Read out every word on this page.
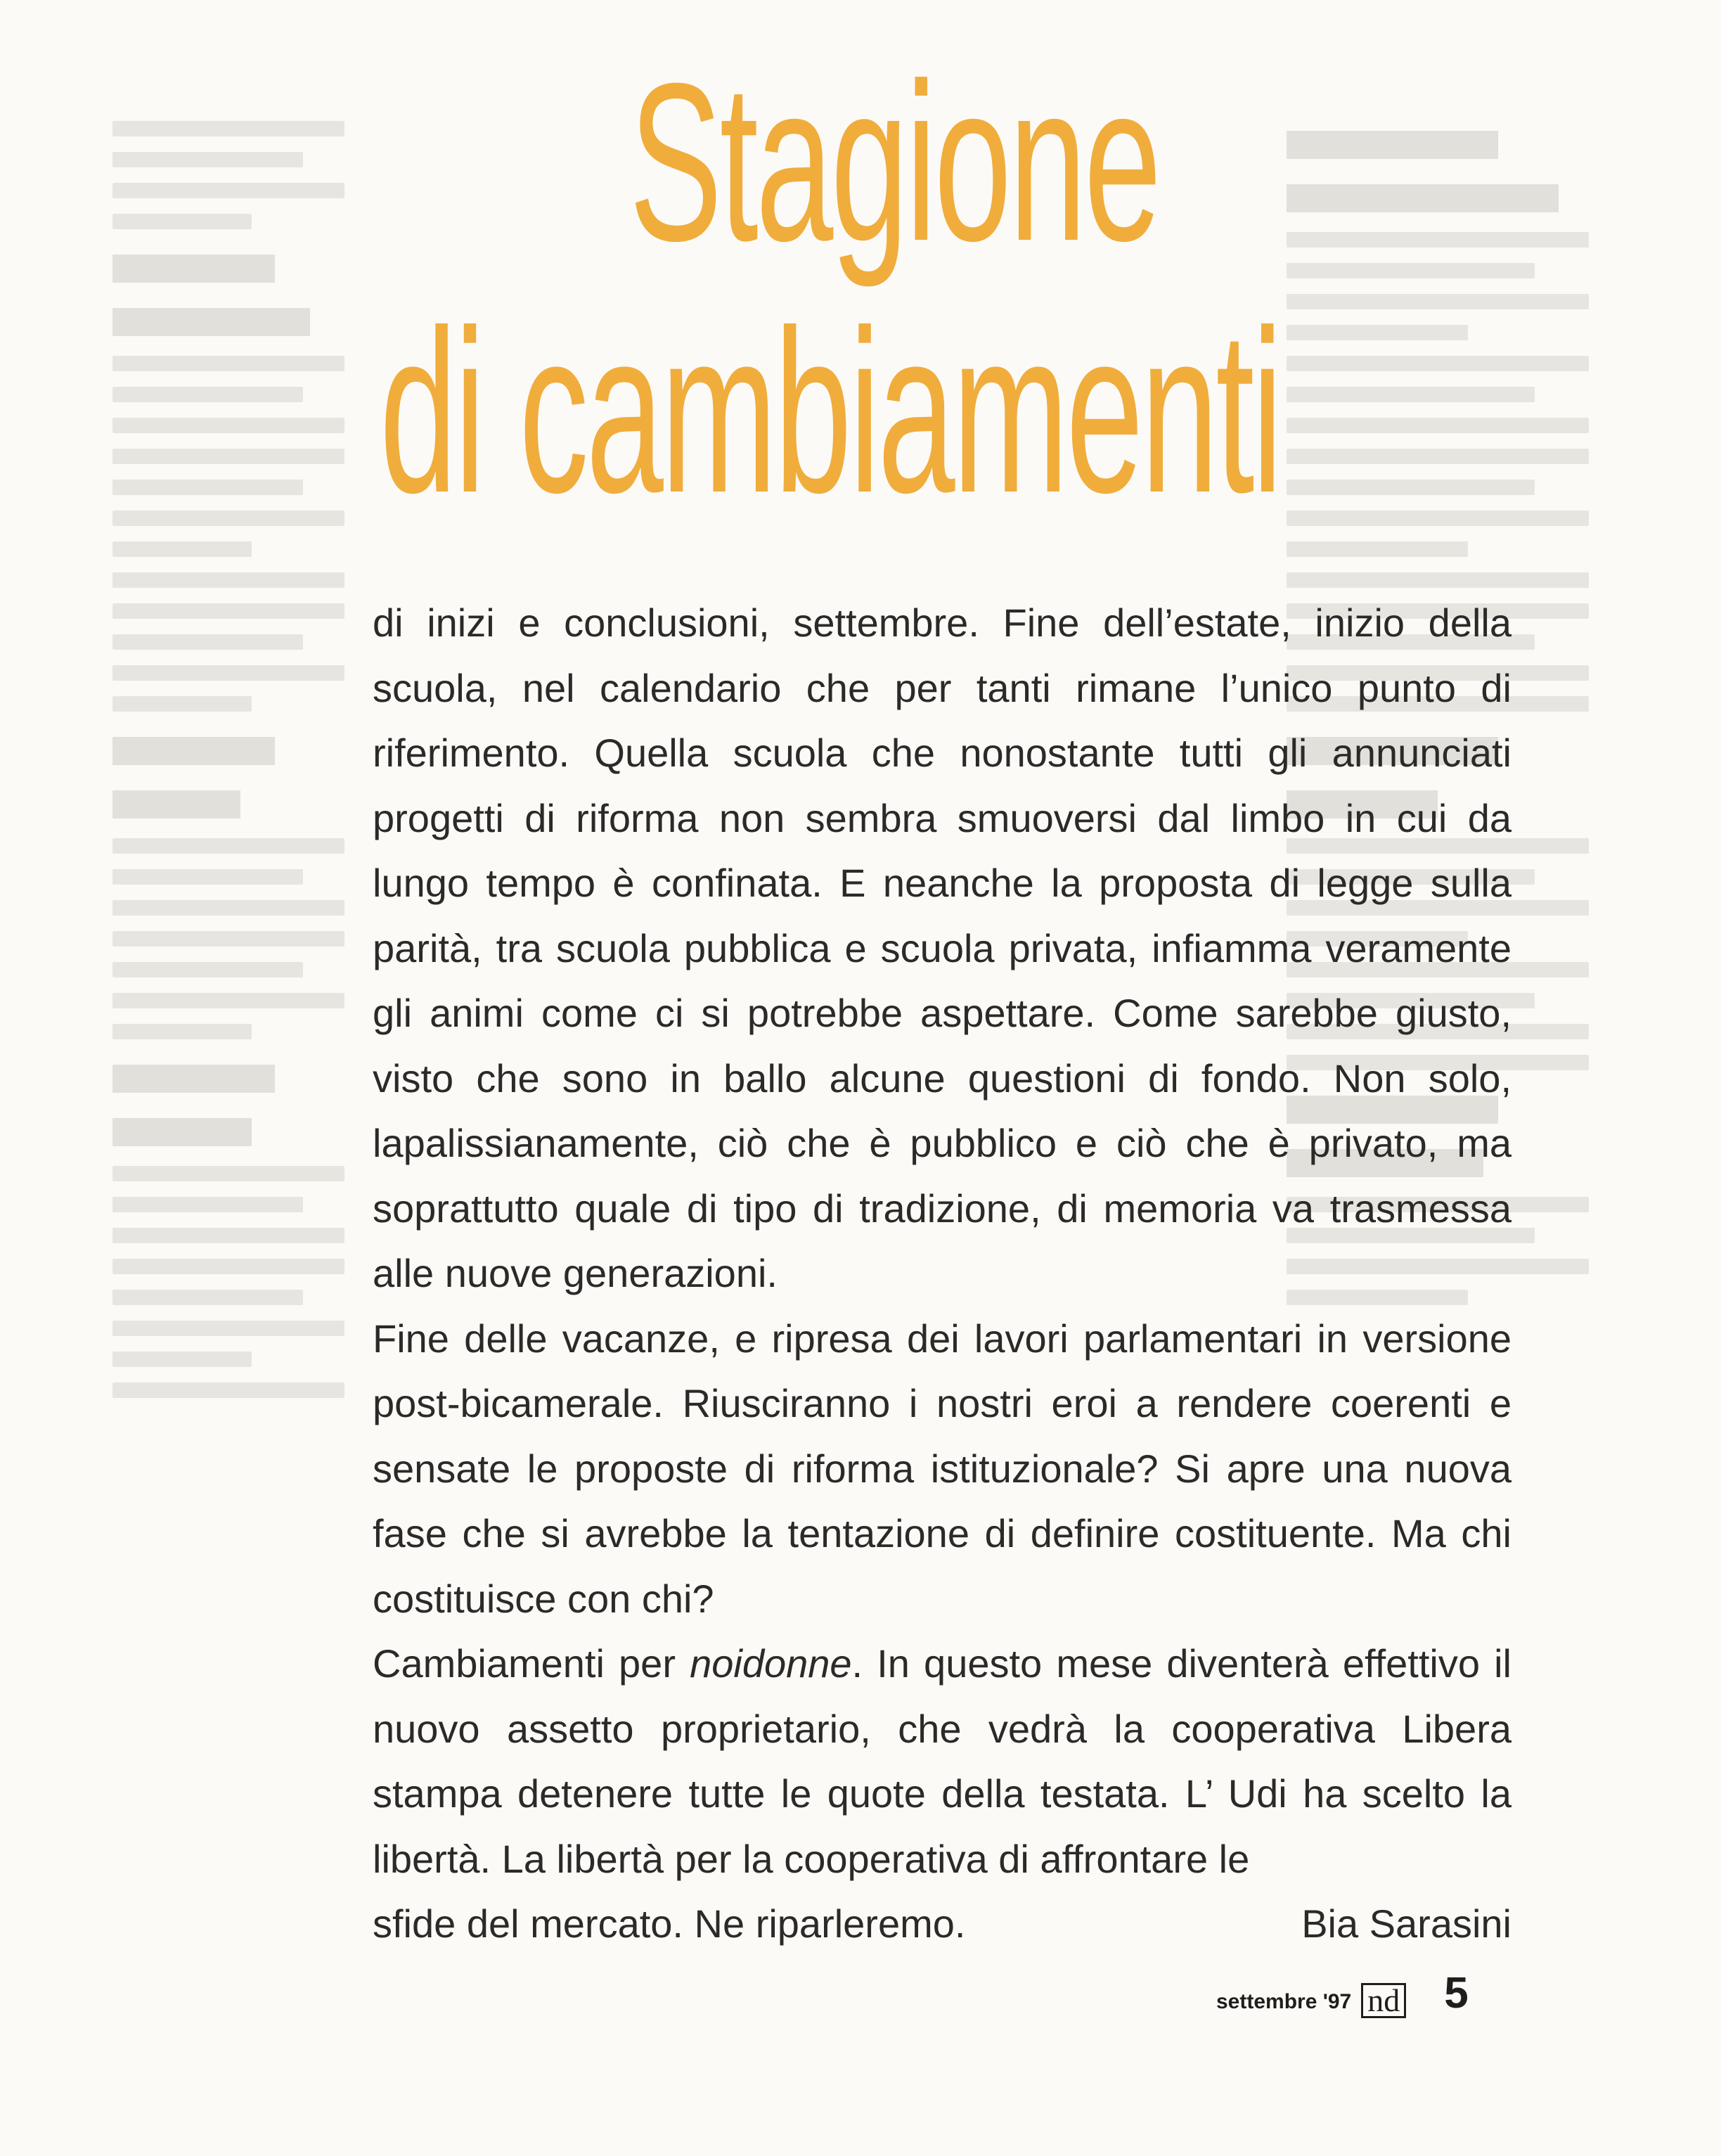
Stagione
di cambiamenti

di inizi e conclusioni, settembre. Fine dell’estate, inizio della scuola, nel calendario che per tanti rimane l’unico punto di riferimento. Quella scuola che nonostante tutti gli annunciati progetti di riforma non sembra smuoversi dal limbo in cui da lungo tempo è confinata. E neanche la proposta di legge sulla parità, tra scuola pubblica e scuola privata, infiamma veramente gli animi come ci si potrebbe aspettare. Come sarebbe giusto, visto che sono in ballo alcune questioni di fondo. Non solo, lapalissianamente, ciò che è pubblico e ciò che è privato, ma soprattutto quale di tipo di tradizione, di memoria va trasmessa alle nuove generazioni.

Fine delle vacanze, e ripresa dei lavori parlamentari in versione post-bicamerale. Riusciranno i nostri eroi a rendere coerenti e sensate le proposte di riforma istituzionale? Si apre una nuova fase che si avrebbe la tentazione di definire costituente. Ma chi costituisce con chi?

Cambiamenti per noidonne. In questo mese diventerà effettivo il nuovo assetto proprietario, che vedrà la cooperativa Libera stampa detenere tutte le quote della testata. L’ Udi ha scelto la libertà. La libertà per la cooperativa di affrontare le

sfide del mercato. Ne riparleremo.	Bia Sarasini
settembre '97 nd 5
